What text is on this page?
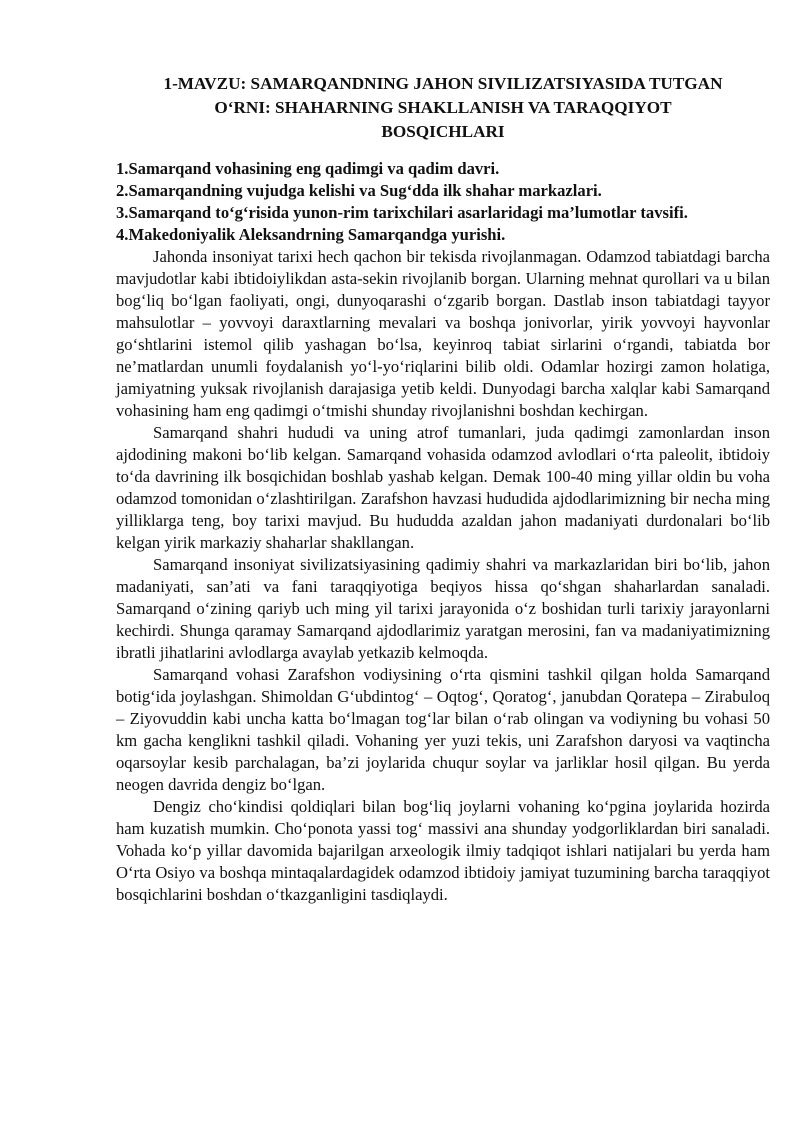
1-MAVZU: SAMARQANDNING JAHON SIVILIZATSIYASIDA TUTGAN
O‘RNI: SHAHARNING SHAKLLANISH VA TARAQQIYOT
BOSQICHLARI
1.Samarqand vohasining eng qadimgi va qadim davri.
2.Samarqandning vujudga kelishi va Sug‘dda ilk shahar markazlari.
3.Samarqand to‘g‘risida yunon-rim tarixchilari asarlaridagi ma’lumotlar tavsifi.
4.Makedoniyalik Aleksandrning Samarqandga yurishi.

Jahonda insoniyat tarixi hech qachon bir tekisda rivojlanmagan. Odamzod tabiatdagi barcha mavjudotlar kabi ibtidoiylikdan asta-sekin rivojlanib borgan. Ularning mehnat qurollari va u bilan bog‘liq bo‘lgan faoliyati, ongi, dunyoqarashi o‘zgarib borgan. Dastlab inson tabiatdagi tayyor mahsulotlar – yovvoyi daraxtlarning mevalari va boshqa jonivorlar, yirik yovvoyi hayvonlar go‘shtlarini istemol qilib yashagan bo‘lsa, keyinroq tabiat sirlarini o‘rgandi, tabiatda bor ne’matlardan unumli foydalanish yo‘l-yo‘riqlarini bilib oldi. Odamlar hozirgi zamon holatiga, jamiyatning yuksak rivojlanish darajasiga yetib keldi. Dunyodagi barcha xalqlar kabi Samarqand vohasining ham eng qadimgi o‘tmishi shunday rivojlanishni boshdan kechirgan.

Samarqand shahri hududi va uning atrof tumanlari, juda qadimgi zamonlardan inson ajdodining makoni bo‘lib kelgan. Samarqand vohasida odamzod avlodlari o‘rta paleolit, ibtidoiy to‘da davrining ilk bosqichidan boshlab yashab kelgan. Demak 100-40 ming yillar oldin bu voha odamzod tomonidan o‘zlashtirilgan. Zarafshon havzasi hududida ajdodlarimizning bir necha ming yilliklarga teng, boy tarixi mavjud. Bu hududda azaldan jahon madaniyati durdonalari bo‘lib kelgan yirik markaziy shaharlar shakllangan.

Samarqand insoniyat sivilizatsiyasining qadimiy shahri va markazlaridan biri bo‘lib, jahon madaniyati, san’ati va fani taraqqiyotiga beqiyos hissa qo‘shgan shaharlardan sanaladi. Samarqand o‘zining qariyb uch ming yil tarixi jarayonida o‘z boshidan turli tarixiy jarayonlarni kechirdi. Shunga qaramay Samarqand ajdodlarimiz yaratgan merosini, fan va madaniyatimizning ibratli jihatlarini avlodlarga avaylab yetkazib kelmoqda.

Samarqand vohasi Zarafshon vodiysining o‘rta qismini tashkil qilgan holda Samarqand botig‘ida joylashgan. Shimoldan G‘ubdintog‘ – Oqtog‘, Qoratog‘, janubdan Qoratepa – Zirabuloq – Ziyovuddin kabi uncha katta bo‘lmagan tog‘lar bilan o‘rab olingan va vodiyning bu vohasi 50 km gacha kenglikni tashkil qiladi. Vohaning yer yuzi tekis, uni Zarafshon daryosi va vaqtincha oqarsoylar kesib parchalagan, ba’zi joylarida chuqur soylar va jarliklar hosil qilgan. Bu yerda neogen davrida dengiz bo‘lgan.

Dengiz cho‘kindisi qoldiqlari bilan bog‘liq joylarni vohaning ko‘pgina joylarida hozirda ham kuzatish mumkin. Cho‘ponota yassi tog‘ massivi ana shunday yodgorliklardan biri sanaladi. Vohada ko‘p yillar davomida bajarilgan arxeologik ilmiy tadqiqot ishlari natijalari bu yerda ham O‘rta Osiyo va boshqa mintaqalardagidek odamzod ibtidoiy jamiyat tuzumining barcha taraqqiyot bosqichlarini boshdan o‘tkazganligini tasdiqlaydi.
